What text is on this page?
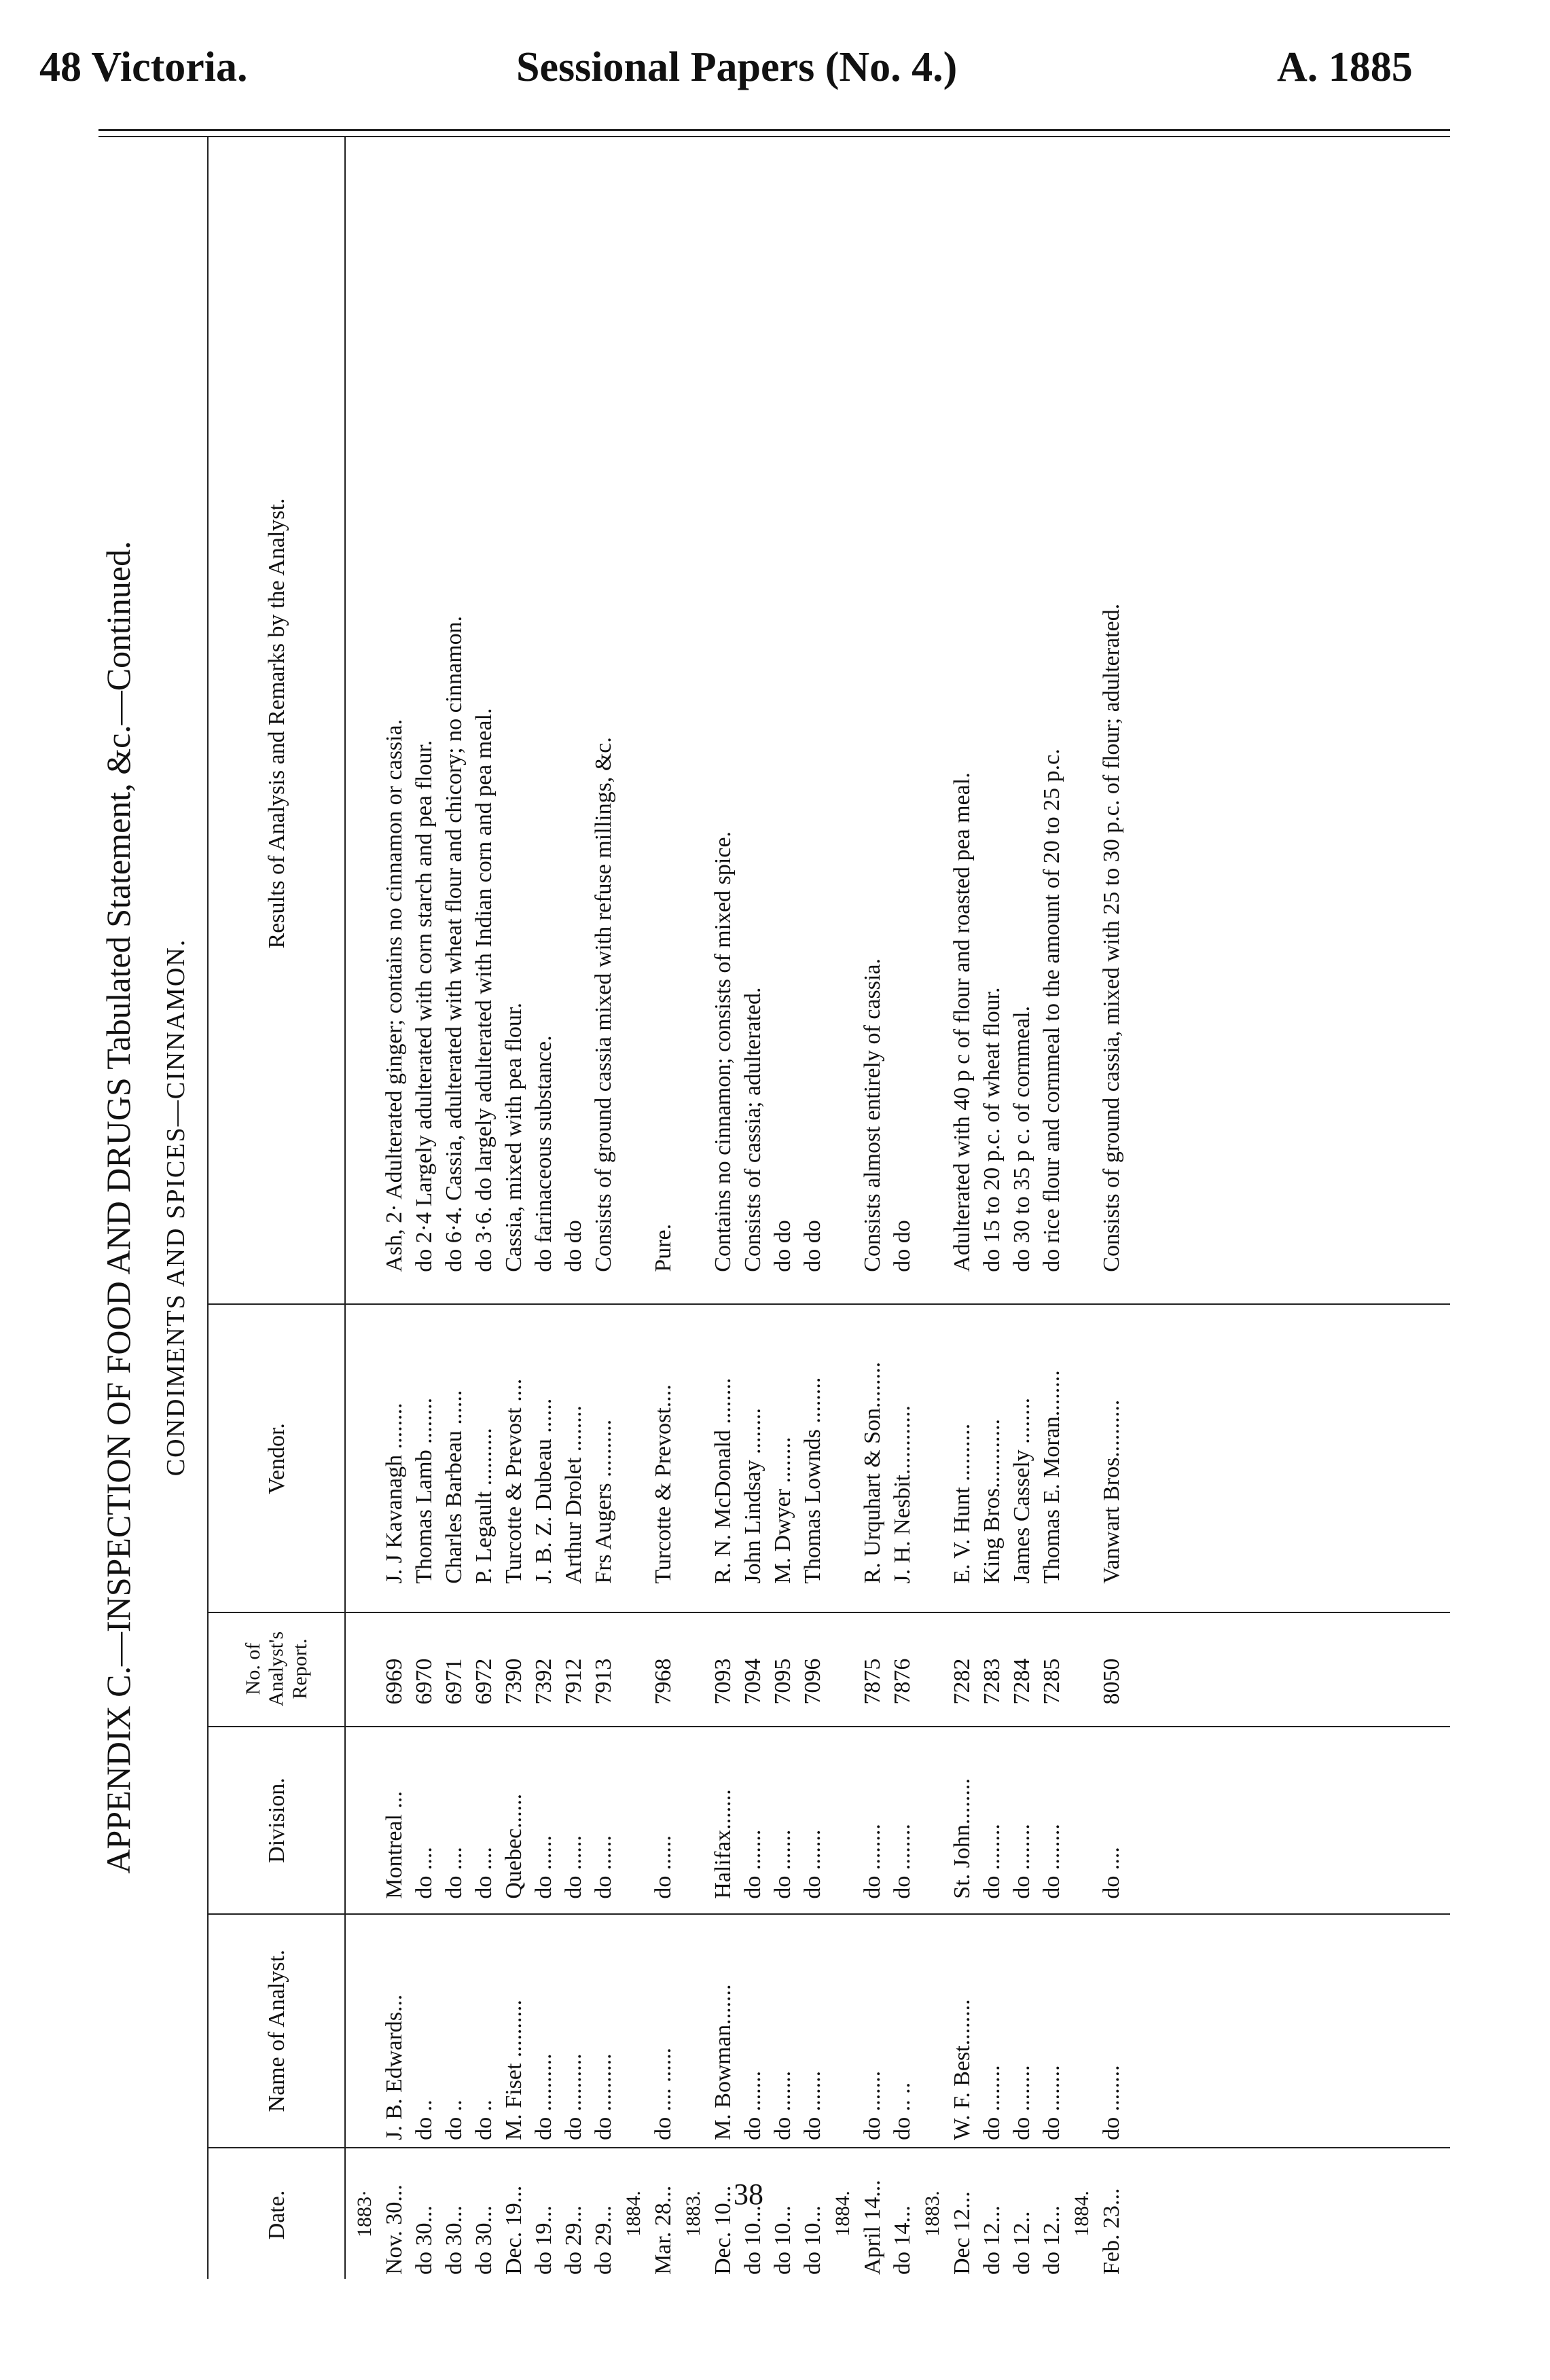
48 Victoria.	Sessional Papers (No. 4.)	A. 1885
APPENDIX C.—INSPECTION OF FOOD AND DRUGS Tabulated Statement, &c.—Continued. CONDIMENTS AND SPICES—CINNAMON.
Date.
Name of Analyst.
Division.
No. of Analyst's Report.
Vendor.
Results of Analysis and Remarks by the Analyst.
1883·					
Nov. 30...	J. B. Edwards...	Montreal ...	6969	J. J Kavanagh ........	Ash, 2· Adulterated ginger; contains no cinnamon or cassia.
do 30...	do ..	do ....	6970	Thomas Lamb ........	do 2·4 Largely adulterated with corn starch and pea flour.
do 30...	do ..	do ....	6971	Charles Barbeau ......	do 6·4. Cassia, adulterated with wheat flour and chicory; no cinnamon.
do 30...	do ..	do ....	6972	P. Legault ..........	do 3·6. do largely adulterated with Indian corn and pea meal.
Dec. 19...	M. Fiset ..........	Quebec......	7390	Turcotte & Prevost ....	Cassia, mixed with pea flour.
do 19...	do ..........	do ......	7392	J. B. Z. Dubeau ......	do farinaceous substance.
do 29...	do ..........	do ......	7912	Arthur Drolet ........	do do
do 29...	do ..........	do ......	7913	Frs Augers ..........	Consists of ground cassia mixed with refuse millings, &c.
1884.					
Mar. 28...	do .... ......	do ......	7968	Turcotte & Prevost....	Pure.
1883.					
Dec. 10...	M. Bowman.......	Halifax.......	7093	R. N. McDonald ........	Contains no cinnamon; consists of mixed spice.
do 10...	do .......	do .......	7094	John Lindsay ........	Consists of cassia; adulterated.
do 10...	do .......	do .......	7095	M. Dwyer ........	do do
do 10...	do .......	do .......	7096	Thomas Lownds ........	do do
1884.					
April 14...	do .......	do ........	7875	R. Urquhart & Son........	Consists almost entirely of cassia.
do 14...	do .. ..	do ........	7876	J. H. Nesbit............	do do
1883.					
Dec 12...	W. F. Best........	St. John........	7282	E. V. Hunt ..........	Adulterated with 40 p c of flour and roasted pea meal.
do 12...	do ........	do ........	7283	King Bros............	do 15 to 20 p.c. of wheat flour.
do 12..	do ........	do ........	7284	James Cassely ........	do 30 to 35 p c. of cornmeal.
do 12...	do ........	do ........	7285	Thomas E. Moran........	do rice flour and cornmeal to the amount of 20 to 25 p.c.
1884.					
Feb. 23...	do ........	do ....	8050	Vanwart Bros..........	Consists of ground cassia, mixed with 25 to 30 p.c. of flour; adulterated.
38
